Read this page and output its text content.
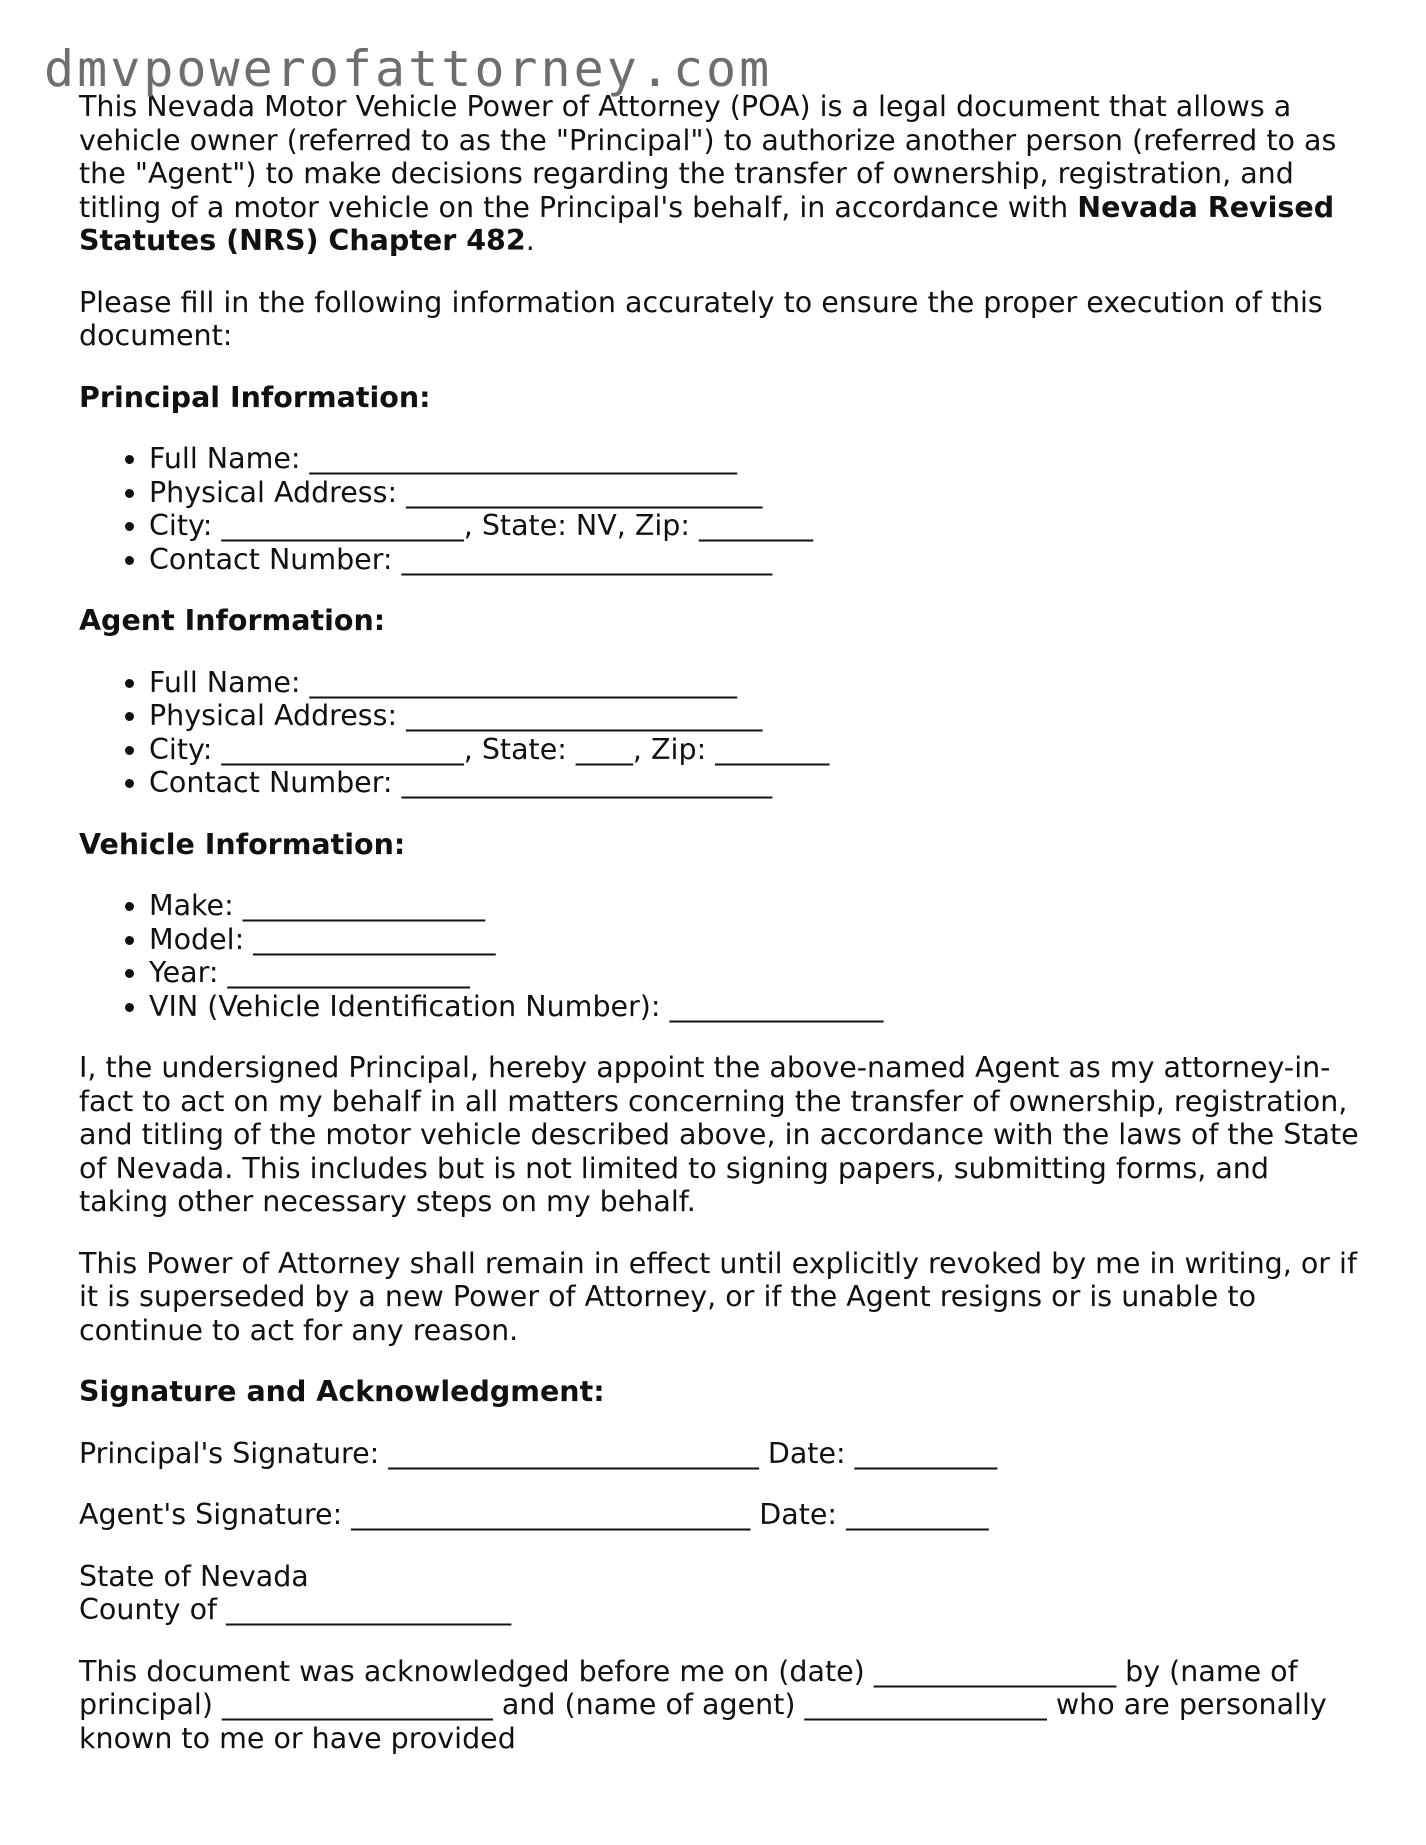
dmvpowerofattorney.com

This Nevada Motor Vehicle Power of Attorney (POA) is a legal document that allows a vehicle owner (referred to as the "Principal") to authorize another person (referred to as the "Agent") to make decisions regarding the transfer of ownership, registration, and titling of a motor vehicle on the Principal's behalf, in accordance with Nevada Revised Statutes (NRS) Chapter 482.

Please fill in the following information accurately to ensure the proper execution of this document:

Principal Information:
• Full Name: ______________________________
• Physical Address: _________________________
• City: _________________, State: NV, Zip: ________
• Contact Number: __________________________
Agent Information:
• Full Name: ______________________________
• Physical Address: _________________________
• City: _________________, State: ____, Zip: ________
• Contact Number: __________________________
Vehicle Information:
• Make: _________________
• Model: _________________
• Year: _________________
• VIN (Vehicle Identification Number): _______________

I, the undersigned Principal, hereby appoint the above-named Agent as my attorney-in-fact to act on my behalf in all matters concerning the transfer of ownership, registration, and titling of the motor vehicle described above, in accordance with the laws of the State of Nevada. This includes but is not limited to signing papers, submitting forms, and taking other necessary steps on my behalf.

This Power of Attorney shall remain in effect until explicitly revoked by me in writing, or if it is superseded by a new Power of Attorney, or if the Agent resigns or is unable to continue to act for any reason.

Signature and Acknowledgment:

Principal's Signature: __________________________ Date: __________

Agent's Signature: ____________________________ Date: __________

State of Nevada
County of ____________________

This document was acknowledged before me on (date) _________________ by (name of principal) ___________________ and (name of agent) _________________ who are personally known to me or have provided
